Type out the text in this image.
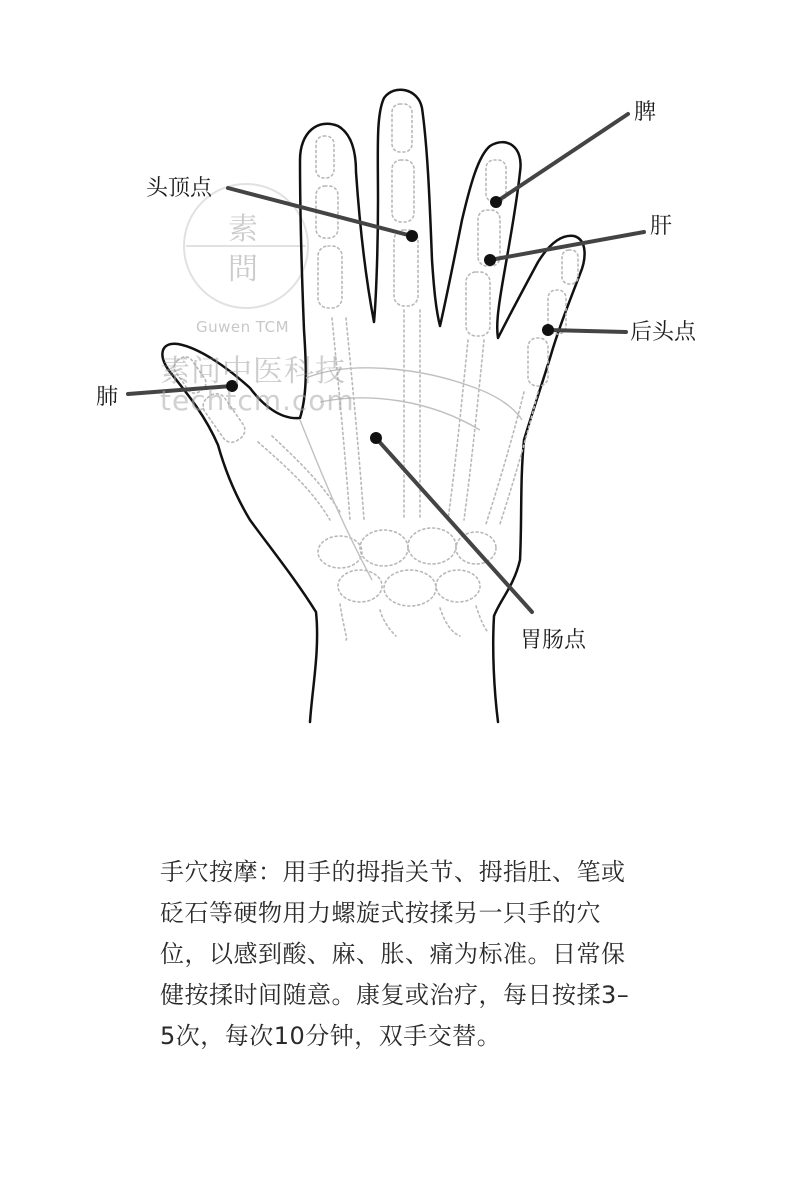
素
問
Guwen TCM
素问中医科技
techtcm.com
头顶点
脾
肝
后头点
肺
胃肠点
手穴按摩：用手的拇指关节、拇指肚、笔或砭石等硬物用力螺旋式按揉另一只手的穴位，以感到酸、麻、胀、痛为标准。日常保健按揉时间随意。康复或治疗，每日按揉3–5次，每次10分钟，双手交替。
